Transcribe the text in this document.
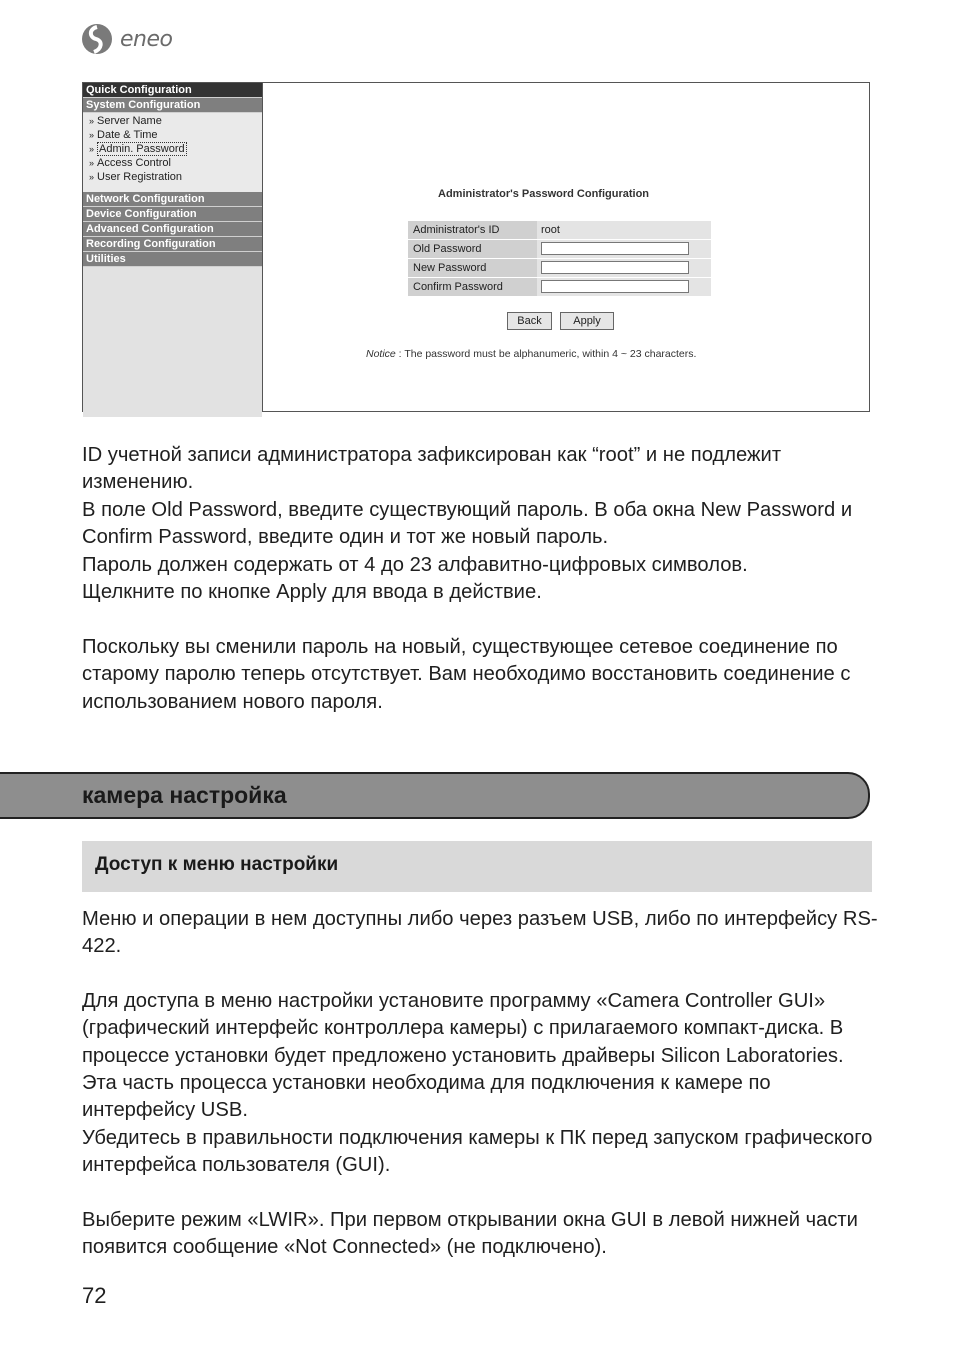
eneo
Quick Configuration
System Configuration
» Server Name
» Date & Time
» Admin. Password
» Access Control
» User Registration
Network Configuration
Device Configuration
Advanced Configuration
Recording Configuration
Utilities
Administrator's Password Configuration
Administrator's ID	root
Old Password	
New Password	
Confirm Password	
Back	Apply
Notice : The password must be alphanumeric, within 4 ~ 23 characters.
ID учетной записи администратора зафиксирован как “root” и не подлежит изменению.
В поле Old Password, введите существующий пароль. В оба окна New Password и Confirm Password, введите один и тот же новый пароль.
Пароль должен содержать от 4 до 23 алфавитно-цифровых символов.
Щелкните по кнопке Apply для ввода в действие.
Поскольку вы сменили пароль на новый, существующее сетевое соединение по старому паролю теперь отсутствует. Вам необходимо восстановить соединение с использованием нового пароля.
камера настройка
Доступ к меню настройки
Меню и операции в нем доступны либо через разъем USB, либо по интерфейсу RS-422.
Для доступа в меню настройки установите программу «Camera Controller GUI» (графический интерфейс контроллера камеры) с прилагаемого компакт-диска. В процессе установки будет предложено установить драйверы Silicon Laboratories. Эта часть процесса установки необходима для подключения к камере по интерфейсу USB.
Убедитесь в правильности подключения камеры к ПК перед запуском графического интерфейса пользователя (GUI).
Выберите режим «LWIR». При первом открывании окна GUI в левой нижней части появится сообщение «Not Connected» (не подключено).
72
